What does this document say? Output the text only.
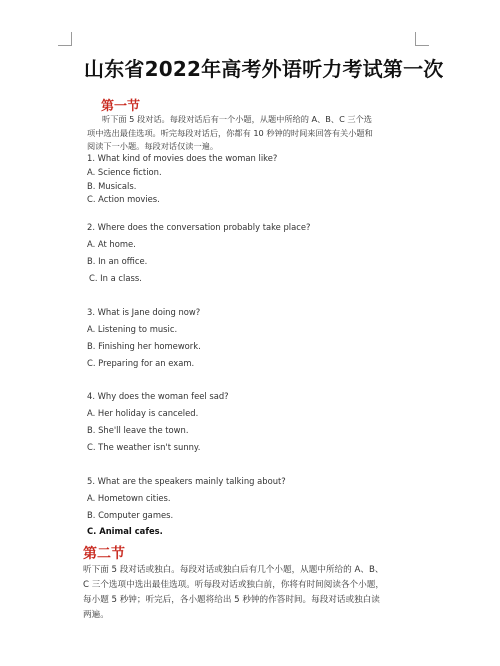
山东省2022年高考外语听力考试第一次
第一节
听下面 5 段对话。每段对话后有一个小题，从题中所给的 A、B、C 三个选
项中选出最佳选项。听完每段对话后，你都有 10 秒钟的时间来回答有关小题和
阅读下一小题。每段对话仅读一遍。
1. What kind of movies does the woman like?
A. Science fiction.
B. Musicals.
C. Action movies.
2. Where does the conversation probably take place?
A. At home.
B. In an office.
C. In a class.
3. What is Jane doing now?
A. Listening to music.
B. Finishing her homework.
C. Preparing for an exam.
4. Why does the woman feel sad?
A. Her holiday is canceled.
B. She'll leave the town.
C. The weather isn't sunny.
5. What are the speakers mainly talking about?
A. Hometown cities.
B. Computer games.
C. Animal cafes.
第二节
听下面 5 段对话或独白。每段对话或独白后有几个小题，从题中所给的 A、B、
C 三个选项中选出最佳选项。听每段对话或独白前，你将有时间阅读各个小题，
每小题 5 秒钟；听完后，各小题将给出 5 秒钟的作答时间。每段对话或独白读
两遍。
